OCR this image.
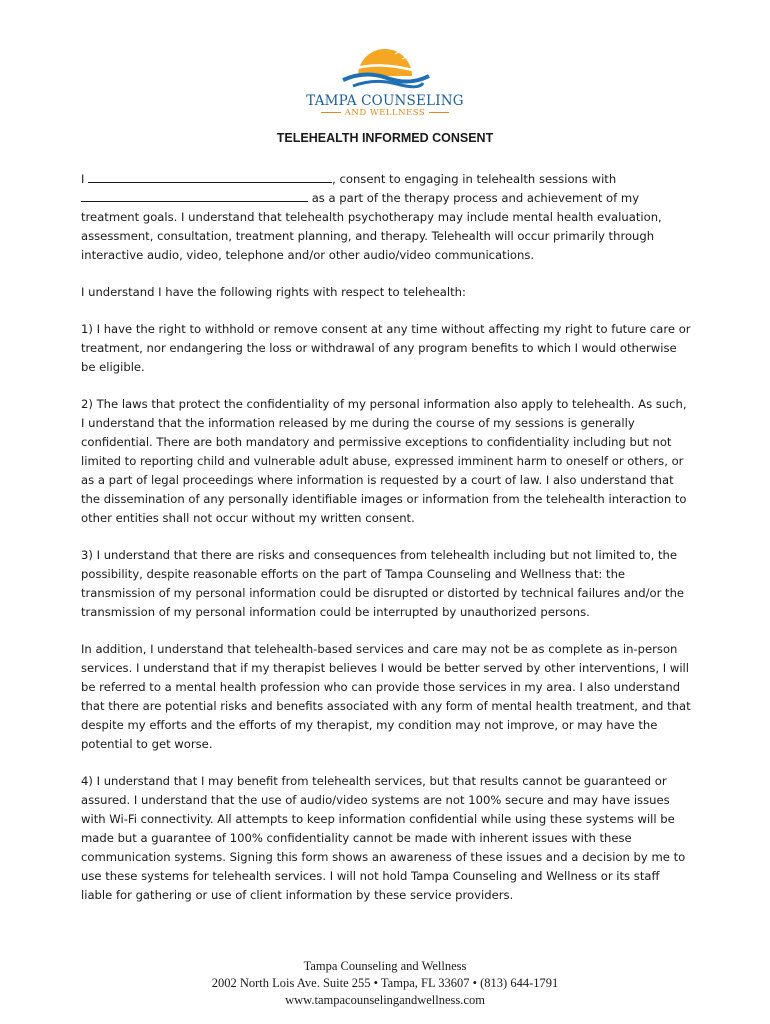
TAMPA COUNSELING
AND WELLNESS
TELEHEALTH INFORMED CONSENT

I	, consent to engaging in telehealth sessions with  as a part of the therapy process and achievement of my treatment goals. I understand that telehealth psychotherapy may include mental health evaluation, assessment, consultation, treatment planning, and therapy. Telehealth will occur primarily through interactive audio, video, telephone and/or other audio/video communications.

I understand I have the following rights with respect to telehealth:

1) I have the right to withhold or remove consent at any time without affecting my right to future care or treatment, nor endangering the loss or withdrawal of any program benefits to which I would otherwise be eligible.

2) The laws that protect the confidentiality of my personal information also apply to telehealth. As such, I understand that the information released by me during the course of my sessions is generally confidential. There are both mandatory and permissive exceptions to confidentiality including but not limited to reporting child and vulnerable adult abuse, expressed imminent harm to oneself or others, or as a part of legal proceedings where information is requested by a court of law. I also understand that the dissemination of any personally identifiable images or information from the telehealth interaction to other entities shall not occur without my written consent.

3) I understand that there are risks and consequences from telehealth including but not limited to, the possibility, despite reasonable efforts on the part of Tampa Counseling and Wellness that: the transmission of my personal information could be disrupted or distorted by technical failures and/or the transmission of my personal information could be interrupted by unauthorized persons.

In addition, I understand that telehealth-based services and care may not be as complete as in-person services. I understand that if my therapist believes I would be better served by other interventions, I will be referred to a mental health profession who can provide those services in my area. I also understand that there are potential risks and benefits associated with any form of mental health treatment, and that despite my efforts and the efforts of my therapist, my condition may not improve, or may have the potential to get worse.

4) I understand that I may benefit from telehealth services, but that results cannot be guaranteed or assured. I understand that the use of audio/video systems are not 100% secure and may have issues with Wi-Fi connectivity. All attempts to keep information confidential while using these systems will be made but a guarantee of 100% confidentiality cannot be made with inherent issues with these communication systems. Signing this form shows an awareness of these issues and a decision by me to use these systems for telehealth services. I will not hold Tampa Counseling and Wellness or its staff liable for gathering or use of client information by these service providers.

Tampa Counseling and Wellness
2002 North Lois Ave. Suite 255 • Tampa, FL 33607 • (813) 644-1791
www.tampacounselingandwellness.com
